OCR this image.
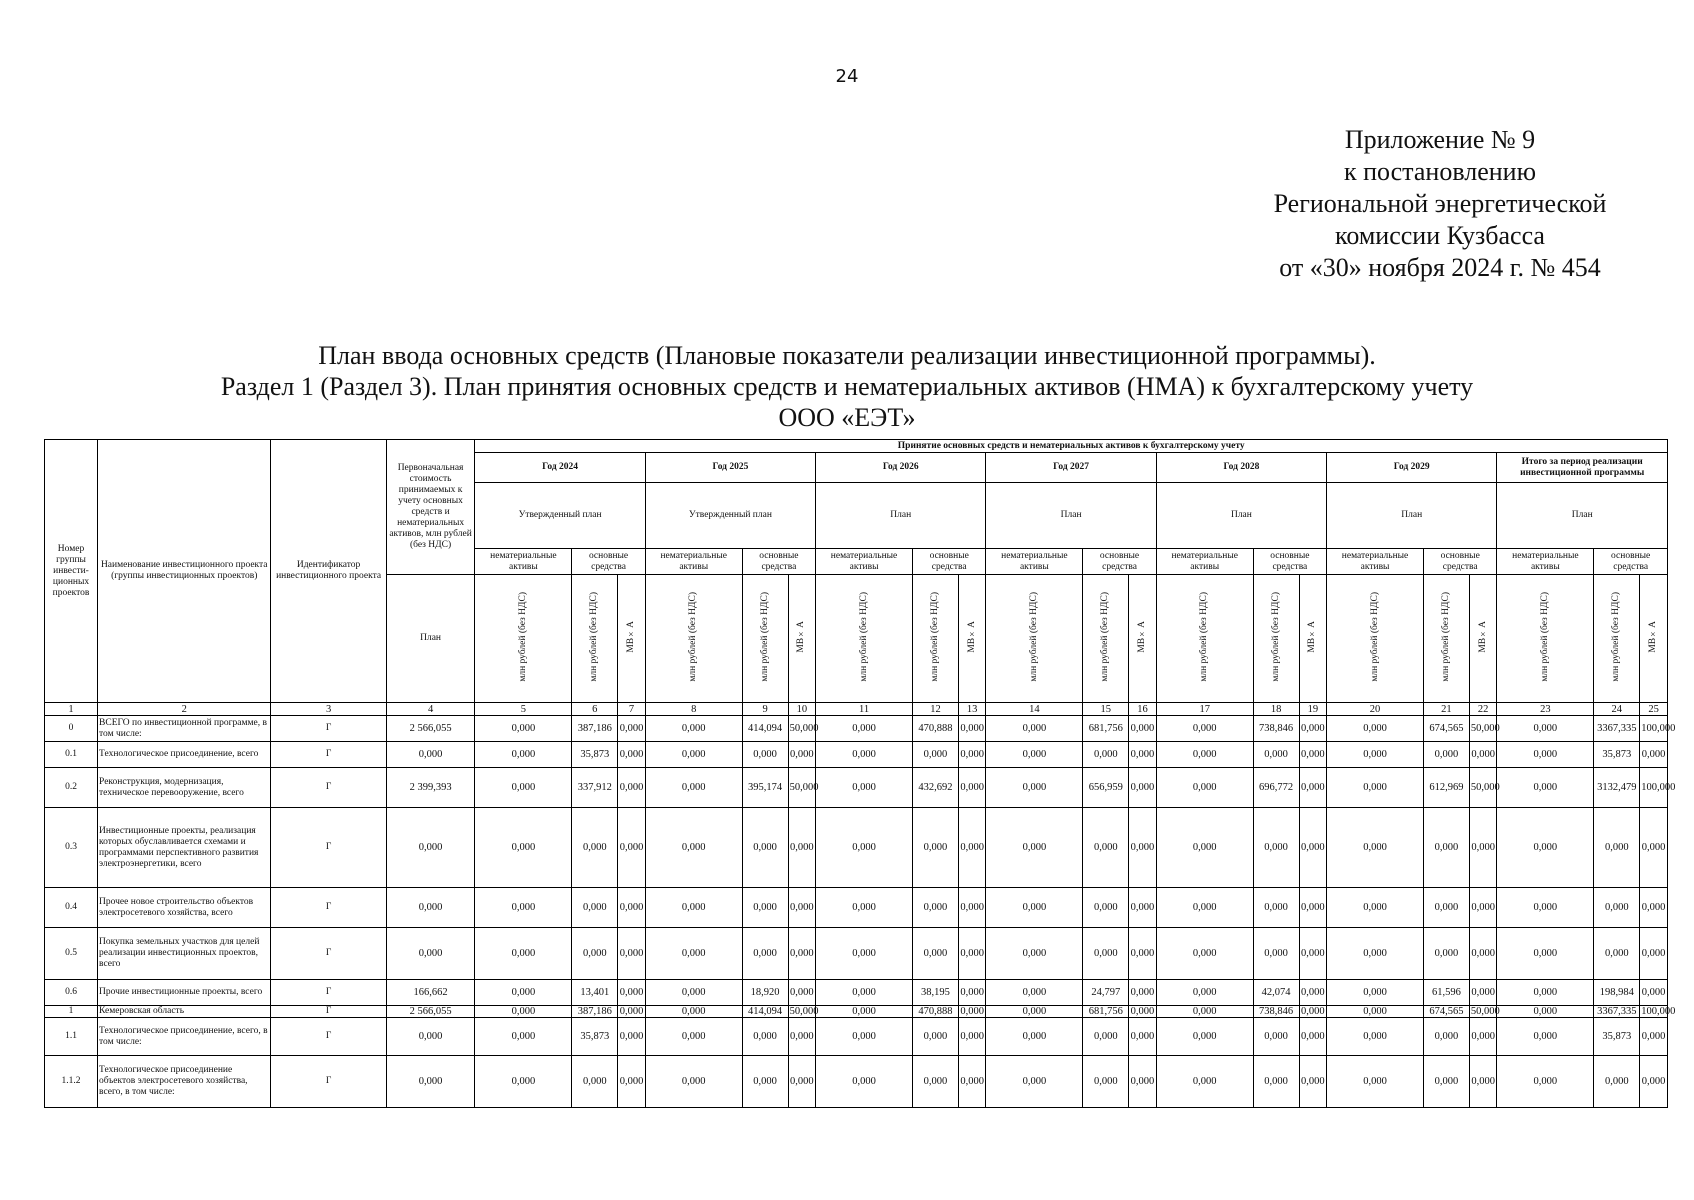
24
Приложение № 9
к постановлению
Региональной энергетической
комиссии Кузбасса
от «30» ноября 2024 г. № 454
План ввода основных средств (Плановые показатели реализации инвестиционной программы).
Раздел 1 (Раздел 3). План принятия основных средств и нематериальных активов (НМА) к бухгалтерскому учету
ООО «ЕЭТ»
Номер группы инвести-ционных проектов	Наименование инвестиционного проекта (группы инвестиционных проектов)	Идентификатор инвестиционного проекта	Первоначальная стоимость принимаемых к учету основных средств и нематериальных активов, млн рублей (без НДС)	Принятие основных средств и нематериальных активов к бухгалтерскому учету																				
				Год 2024			Год 2025			Год 2026			Год 2027			Год 2028			Год 2029			Итого за период реализации инвестиционной программы		
				Утвержденный план			Утвержденный план			План			План			План			План			План		
				нематериальные активы	основные средства		нематериальные активы	основные средства		нематериальные активы	основные средства		нематериальные активы	основные средства		нематериальные активы	основные средства		нематериальные активы	основные средства		нематериальные активы	основные средства	
			План	млн рублей (без НДС)	млн рублей (без НДС)	МВ×А	млн рублей (без НДС)	млн рублей (без НДС)	МВ×А	млн рублей (без НДС)	млн рублей (без НДС)	МВ×А	млн рублей (без НДС)	млн рублей (без НДС)	МВ×А	млн рублей (без НДС)	млн рублей (без НДС)	МВ×А	млн рублей (без НДС)	млн рублей (без НДС)	МВ×А	млн рублей (без НДС)	млн рублей (без НДС)	МВ×А
1	2	3	4	5	6	7	8	9	10	11	12	13	14	15	16	17	18	19	20	21	22	23	24	25
0	ВСЕГО по инвестиционной программе, в том числе:	Г	2 566,055	0,000	387,186	0,000	0,000	414,094	50,000	0,000	470,888	0,000	0,000	681,756	0,000	0,000	738,846	0,000	0,000	674,565	50,000	0,000	3367,335	100,000
0.1	Технологическое присоединение, всего	Г	0,000	0,000	35,873	0,000	0,000	0,000	0,000	0,000	0,000	0,000	0,000	0,000	0,000	0,000	0,000	0,000	0,000	0,000	0,000	0,000	35,873	0,000
0.2	Реконструкция, модернизация, техническое перевооружение, всего	Г	2 399,393	0,000	337,912	0,000	0,000	395,174	50,000	0,000	432,692	0,000	0,000	656,959	0,000	0,000	696,772	0,000	0,000	612,969	50,000	0,000	3132,479	100,000
0.3	Инвестиционные проекты, реализация которых обуславливается схемами и программами перспективного развития электроэнергетики, всего	Г	0,000	0,000	0,000	0,000	0,000	0,000	0,000	0,000	0,000	0,000	0,000	0,000	0,000	0,000	0,000	0,000	0,000	0,000	0,000	0,000	0,000	0,000
0.4	Прочее новое строительство объектов электросетевого хозяйства, всего	Г	0,000	0,000	0,000	0,000	0,000	0,000	0,000	0,000	0,000	0,000	0,000	0,000	0,000	0,000	0,000	0,000	0,000	0,000	0,000	0,000	0,000	0,000
0.5	Покупка земельных участков для целей реализации инвестиционных проектов, всего	Г	0,000	0,000	0,000	0,000	0,000	0,000	0,000	0,000	0,000	0,000	0,000	0,000	0,000	0,000	0,000	0,000	0,000	0,000	0,000	0,000	0,000	0,000
0.6	Прочие инвестиционные проекты, всего	Г	166,662	0,000	13,401	0,000	0,000	18,920	0,000	0,000	38,195	0,000	0,000	24,797	0,000	0,000	42,074	0,000	0,000	61,596	0,000	0,000	198,984	0,000
1	Кемеровская область	Г	2 566,055	0,000	387,186	0,000	0,000	414,094	50,000	0,000	470,888	0,000	0,000	681,756	0,000	0,000	738,846	0,000	0,000	674,565	50,000	0,000	3367,335	100,000
1.1	Технологическое присоединение, всего, в том числе:	Г	0,000	0,000	35,873	0,000	0,000	0,000	0,000	0,000	0,000	0,000	0,000	0,000	0,000	0,000	0,000	0,000	0,000	0,000	0,000	0,000	35,873	0,000
1.1.2	Технологическое присоединение объектов электросетевого хозяйства, всего, в том числе:	Г	0,000	0,000	0,000	0,000	0,000	0,000	0,000	0,000	0,000	0,000	0,000	0,000	0,000	0,000	0,000	0,000	0,000	0,000	0,000	0,000	0,000	0,000
